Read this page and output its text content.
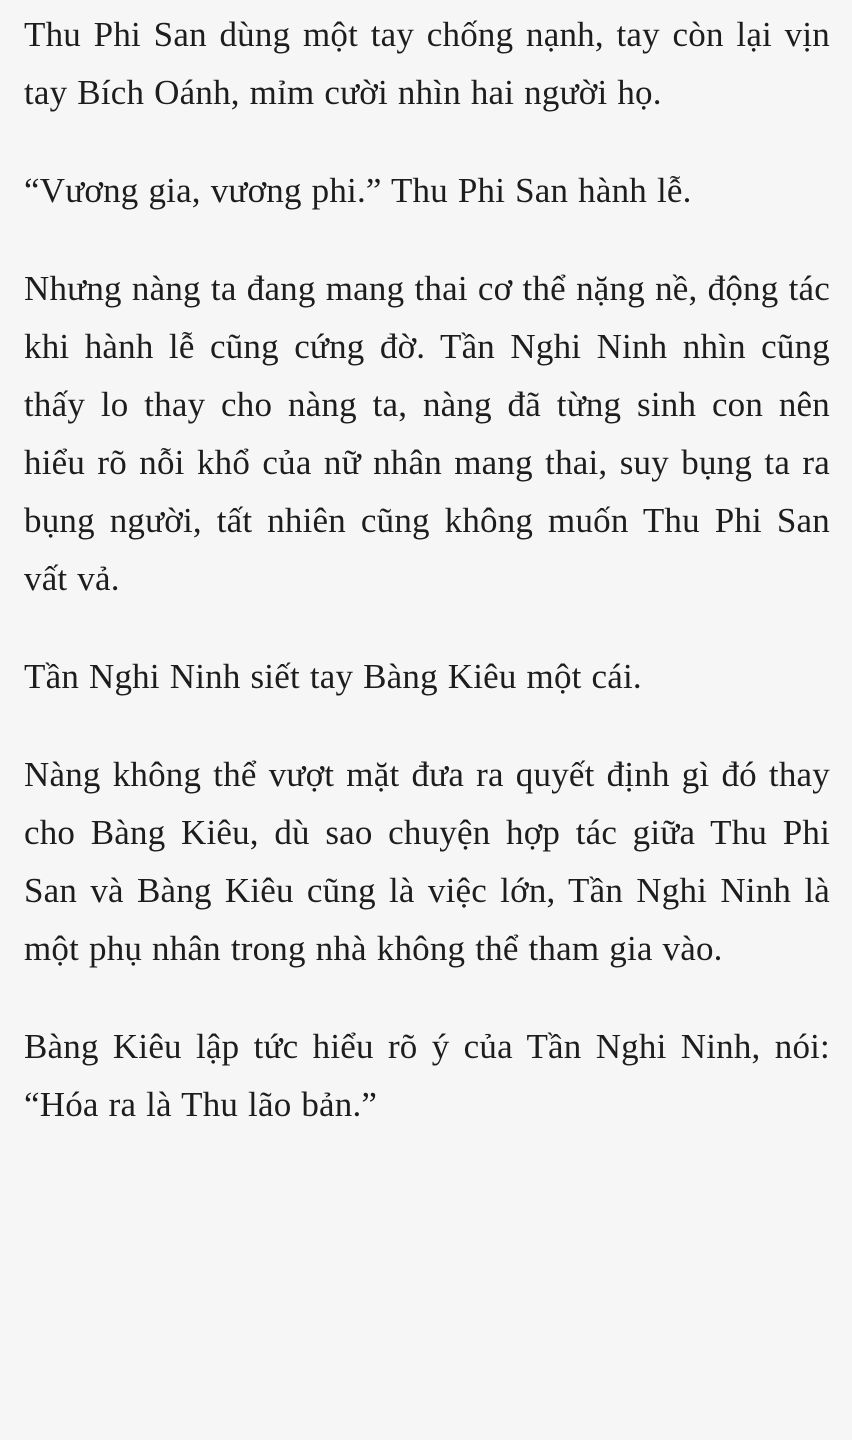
Thu Phi San dùng một tay chống nạnh, tay còn lại vịn tay Bích Oánh, mỉm cười nhìn hai người họ.

“Vương gia, vương phi.” Thu Phi San hành lễ.

Nhưng nàng ta đang mang thai cơ thể nặng nề, động tác khi hành lễ cũng cứng đờ. Tần Nghi Ninh nhìn cũng thấy lo thay cho nàng ta, nàng đã từng sinh con nên hiểu rõ nỗi khổ của nữ nhân mang thai, suy bụng ta ra bụng người, tất nhiên cũng không muốn Thu Phi San vất vả.

Tần Nghi Ninh siết tay Bàng Kiêu một cái.

Nàng không thể vượt mặt đưa ra quyết định gì đó thay cho Bàng Kiêu, dù sao chuyện hợp tác giữa Thu Phi San và Bàng Kiêu cũng là việc lớn, Tần Nghi Ninh là một phụ nhân trong nhà không thể tham gia vào.

Bàng Kiêu lập tức hiểu rõ ý của Tần Nghi Ninh, nói: “Hóa ra là Thu lão bản.”
